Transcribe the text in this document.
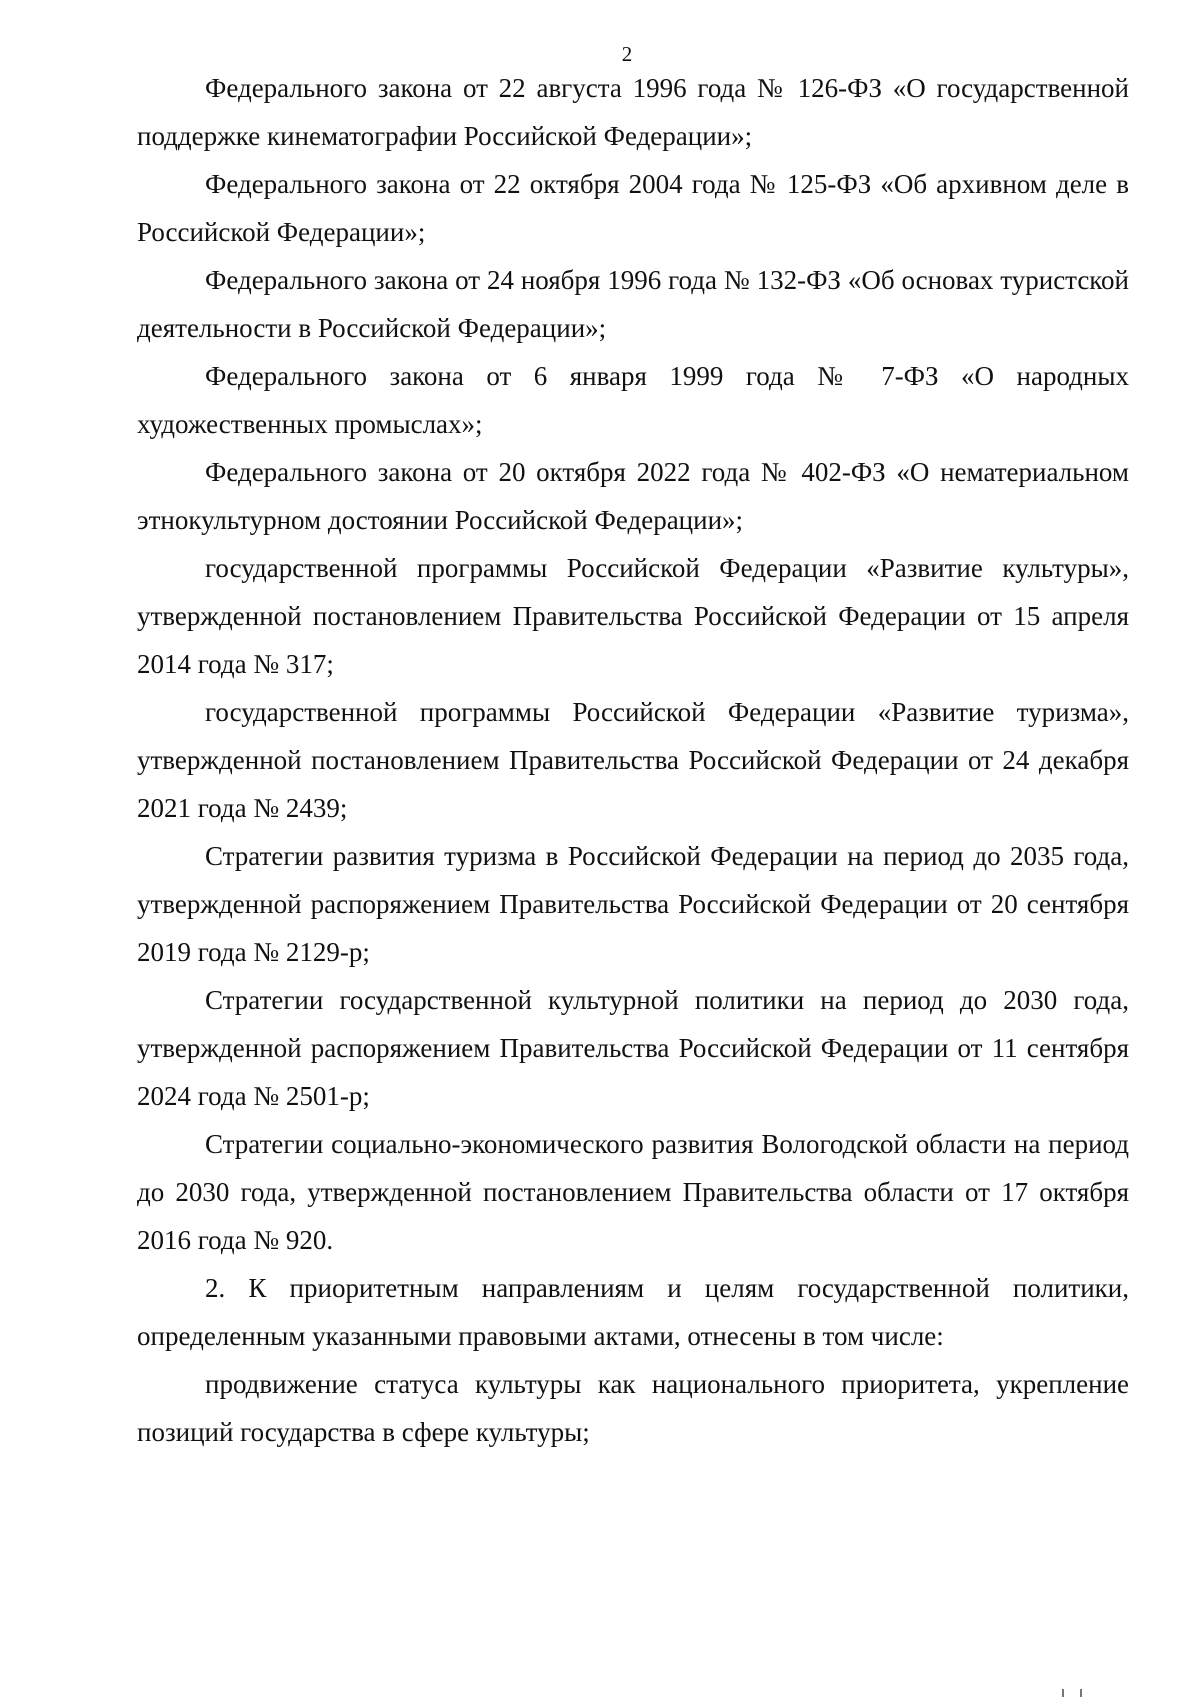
2

Федерального закона от 22 августа 1996 года № 126-ФЗ «О государственной поддержке кинематографии Российской Федерации»;

Федерального закона от 22 октября 2004 года № 125-ФЗ «Об архивном деле в Российской Федерации»;

Федерального закона от 24 ноября 1996 года № 132-ФЗ «Об основах туристской деятельности в Российской Федерации»;

Федерального закона от 6 января 1999 года № 7-ФЗ «О народных художественных промыслах»;

Федерального закона от 20 октября 2022 года № 402-ФЗ «О нематериальном этнокультурном достоянии Российской Федерации»;

государственной программы Российской Федерации «Развитие культуры», утвержденной постановлением Правительства Российской Федерации от 15 апреля 2014 года № 317;

государственной программы Российской Федерации «Развитие туризма», утвержденной постановлением Правительства Российской Федерации от 24 декабря 2021 года № 2439;

Стратегии развития туризма в Российской Федерации на период до 2035 года, утвержденной распоряжением Правительства Российской Федерации от 20 сентября 2019 года № 2129-р;

Стратегии государственной культурной политики на период до 2030 года, утвержденной распоряжением Правительства Российской Федерации от 11 сентября 2024 года № 2501-р;

Стратегии социально-экономического развития Вологодской области на период до 2030 года, утвержденной постановлением Правительства области от 17 октября 2016 года № 920.

2. К приоритетным направлениям и целям государственной политики, определенным указанными правовыми актами, отнесены в том числе:

продвижение статуса культуры как национального приоритета, укрепление позиций государства в сфере культуры;
